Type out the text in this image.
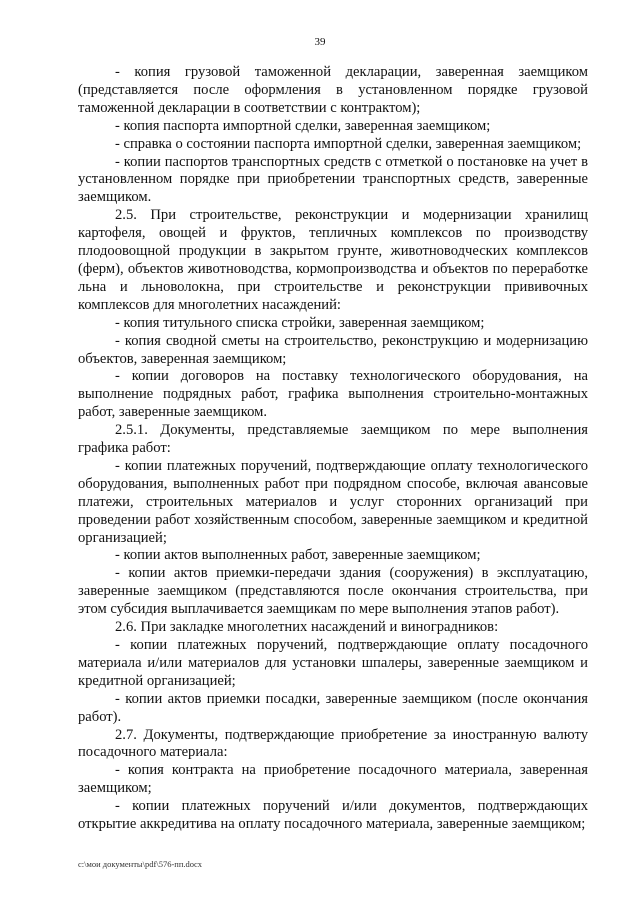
39

- копия грузовой таможенной декларации, заверенная заемщиком (представляется после оформления в установленном порядке грузовой таможенной декларации в соответствии с контрактом);

- копия паспорта импортной сделки, заверенная заемщиком;

- справка о состоянии паспорта импортной сделки, заверенная заемщиком;

- копии паспортов транспортных средств с отметкой о постановке на учет в установленном порядке при приобретении транспортных средств, заверенные заемщиком.

2.5. При строительстве, реконструкции и модернизации хранилищ картофеля, овощей и фруктов, тепличных комплексов по производству плодоовощной продукции в закрытом грунте, животноводческих комплексов (ферм), объектов животноводства, кормопроизводства и объектов по переработке льна и льноволокна, при строительстве и реконструкции прививочных комплексов для многолетних насаждений:

- копия титульного списка стройки, заверенная заемщиком;

- копия сводной сметы на строительство, реконструкцию и модернизацию объектов, заверенная заемщиком;

- копии договоров на поставку технологического оборудования, на выполнение подрядных работ, графика выполнения строительно-монтажных работ, заверенные заемщиком.

2.5.1. Документы, представляемые заемщиком по мере выполнения графика работ:

- копии платежных поручений, подтверждающие оплату технологического оборудования, выполненных работ при подрядном способе, включая авансовые платежи, строительных материалов и услуг сторонних организаций при проведении работ хозяйственным способом, заверенные заемщиком и кредитной организацией;

- копии актов выполненных работ, заверенные заемщиком;

- копии актов приемки-передачи здания (сооружения) в эксплуатацию, заверенные заемщиком (представляются после окончания строительства, при этом субсидия выплачивается заемщикам по мере выполнения этапов работ).

2.6. При закладке многолетних насаждений и виноградников:

- копии платежных поручений, подтверждающие оплату посадочного материала и/или материалов для установки шпалеры, заверенные заемщиком и кредитной организацией;

- копии актов приемки посадки, заверенные заемщиком (после окончания работ).

2.7. Документы, подтверждающие приобретение за иностранную валюту посадочного материала:

- копия контракта на приобретение посадочного материала, заверенная заемщиком;

- копии платежных поручений и/или документов, подтверждающих открытие аккредитива на оплату посадочного материала, заверенные заемщиком;

c:\мои документы\pdf\576-пп.docx
